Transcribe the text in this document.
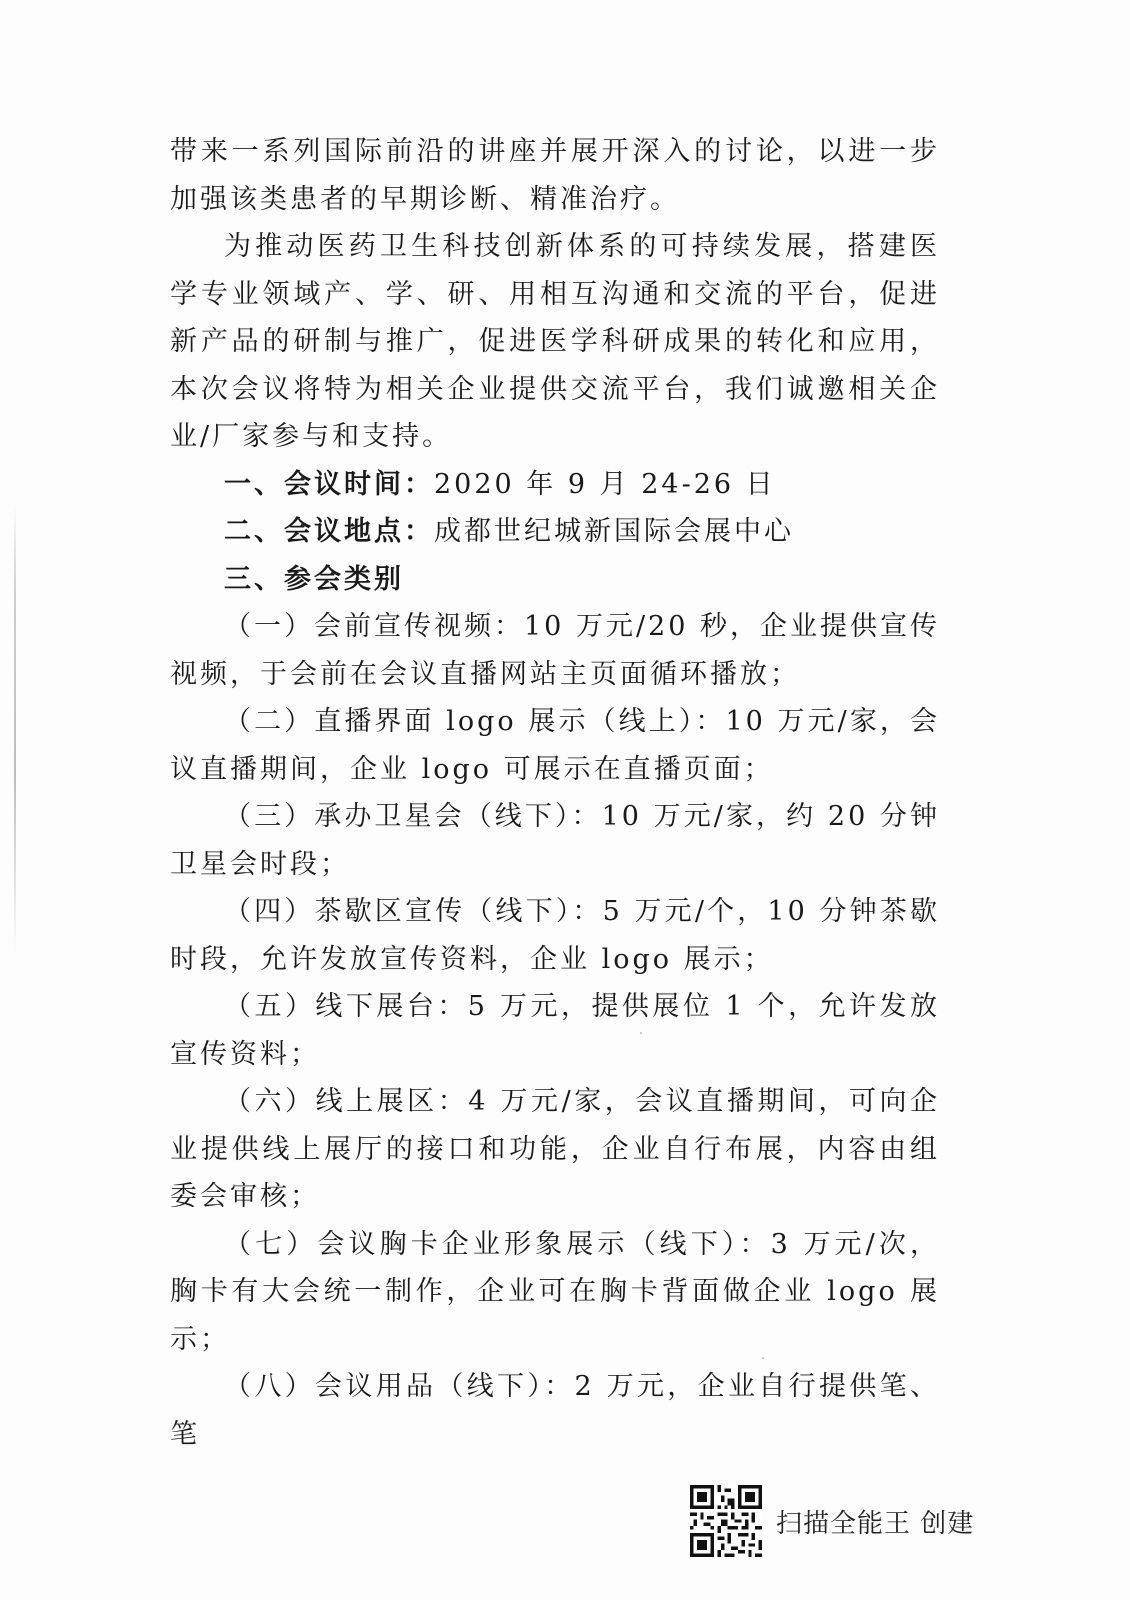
带来一系列国际前沿的讲座并展开深入的讨论，以进一步加强该类患者的早期诊断、精准治疗。

为推动医药卫生科技创新体系的可持续发展，搭建医学专业领域产、学、研、用相互沟通和交流的平台，促进新产品的研制与推广，促进医学科研成果的转化和应用，本次会议将特为相关企业提供交流平台，我们诚邀相关企业/厂家参与和支持。

一、会议时间：2020 年 9 月 24-26 日

二、会议地点：成都世纪城新国际会展中心

三、参会类别

（一）会前宣传视频：10 万元/20 秒，企业提供宣传视频，于会前在会议直播网站主页面循环播放；

（二）直播界面 logo 展示（线上）：10 万元/家，会议直播期间，企业 logo 可展示在直播页面；

（三）承办卫星会（线下）：10 万元/家，约 20 分钟卫星会时段；

（四）茶歇区宣传（线下）：5 万元/个，10 分钟茶歇时段，允许发放宣传资料，企业 logo 展示；

（五）线下展台：5 万元，提供展位 1 个，允许发放宣传资料；

（六）线上展区：4 万元/家，会议直播期间，可向企业提供线上展厅的接口和功能，企业自行布展，内容由组委会审核；

（七）会议胸卡企业形象展示（线下）：3 万元/次，胸卡有大会统一制作，企业可在胸卡背面做企业 logo 展示；

（八）会议用品（线下）：2 万元，企业自行提供笔、笔

扫描全能王 创建
